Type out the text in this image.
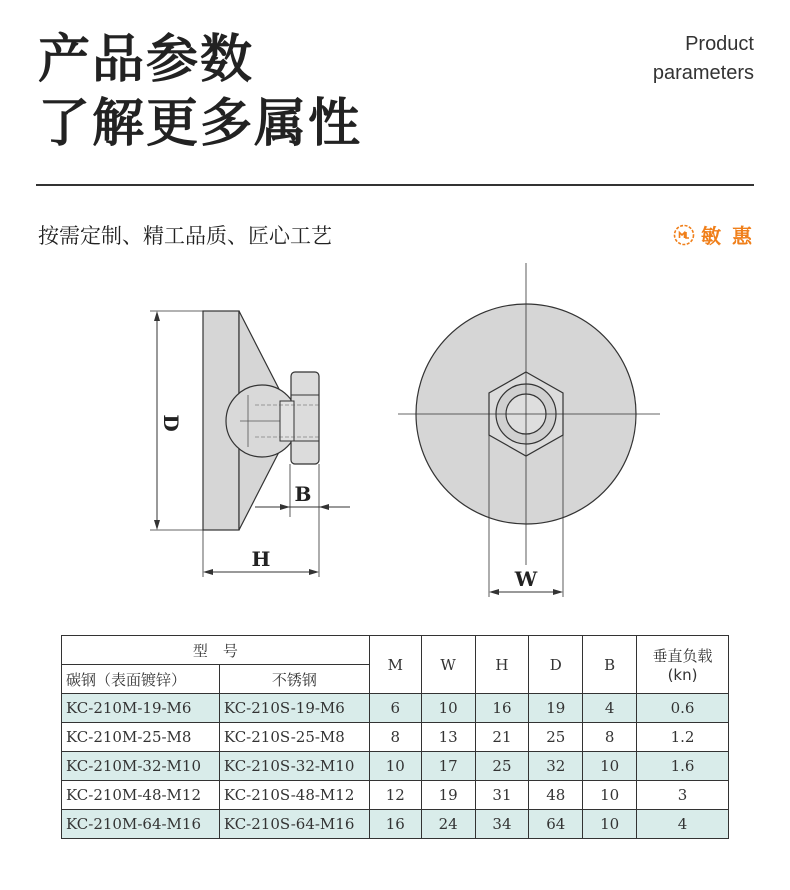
产品参数
了解更多属性
Product
parameters
按需定制、精工品质、匠心工艺	敏 惠
D
B
H
W
型　号		M	W	H	D	B	垂直负载
(kn)

碳钢（表面镀锌）	不锈钢						
KC-210M-19-M6	KC-210S-19-M6	6	10	16	19	4	0.6
KC-210M-25-M8	KC-210S-25-M8	8	13	21	25	8	1.2
KC-210M-32-M10	KC-210S-32-M10	10	17	25	32	10	1.6
KC-210M-48-M12	KC-210S-48-M12	12	19	31	48	10	3
KC-210M-64-M16	KC-210S-64-M16	16	24	34	64	10	4
